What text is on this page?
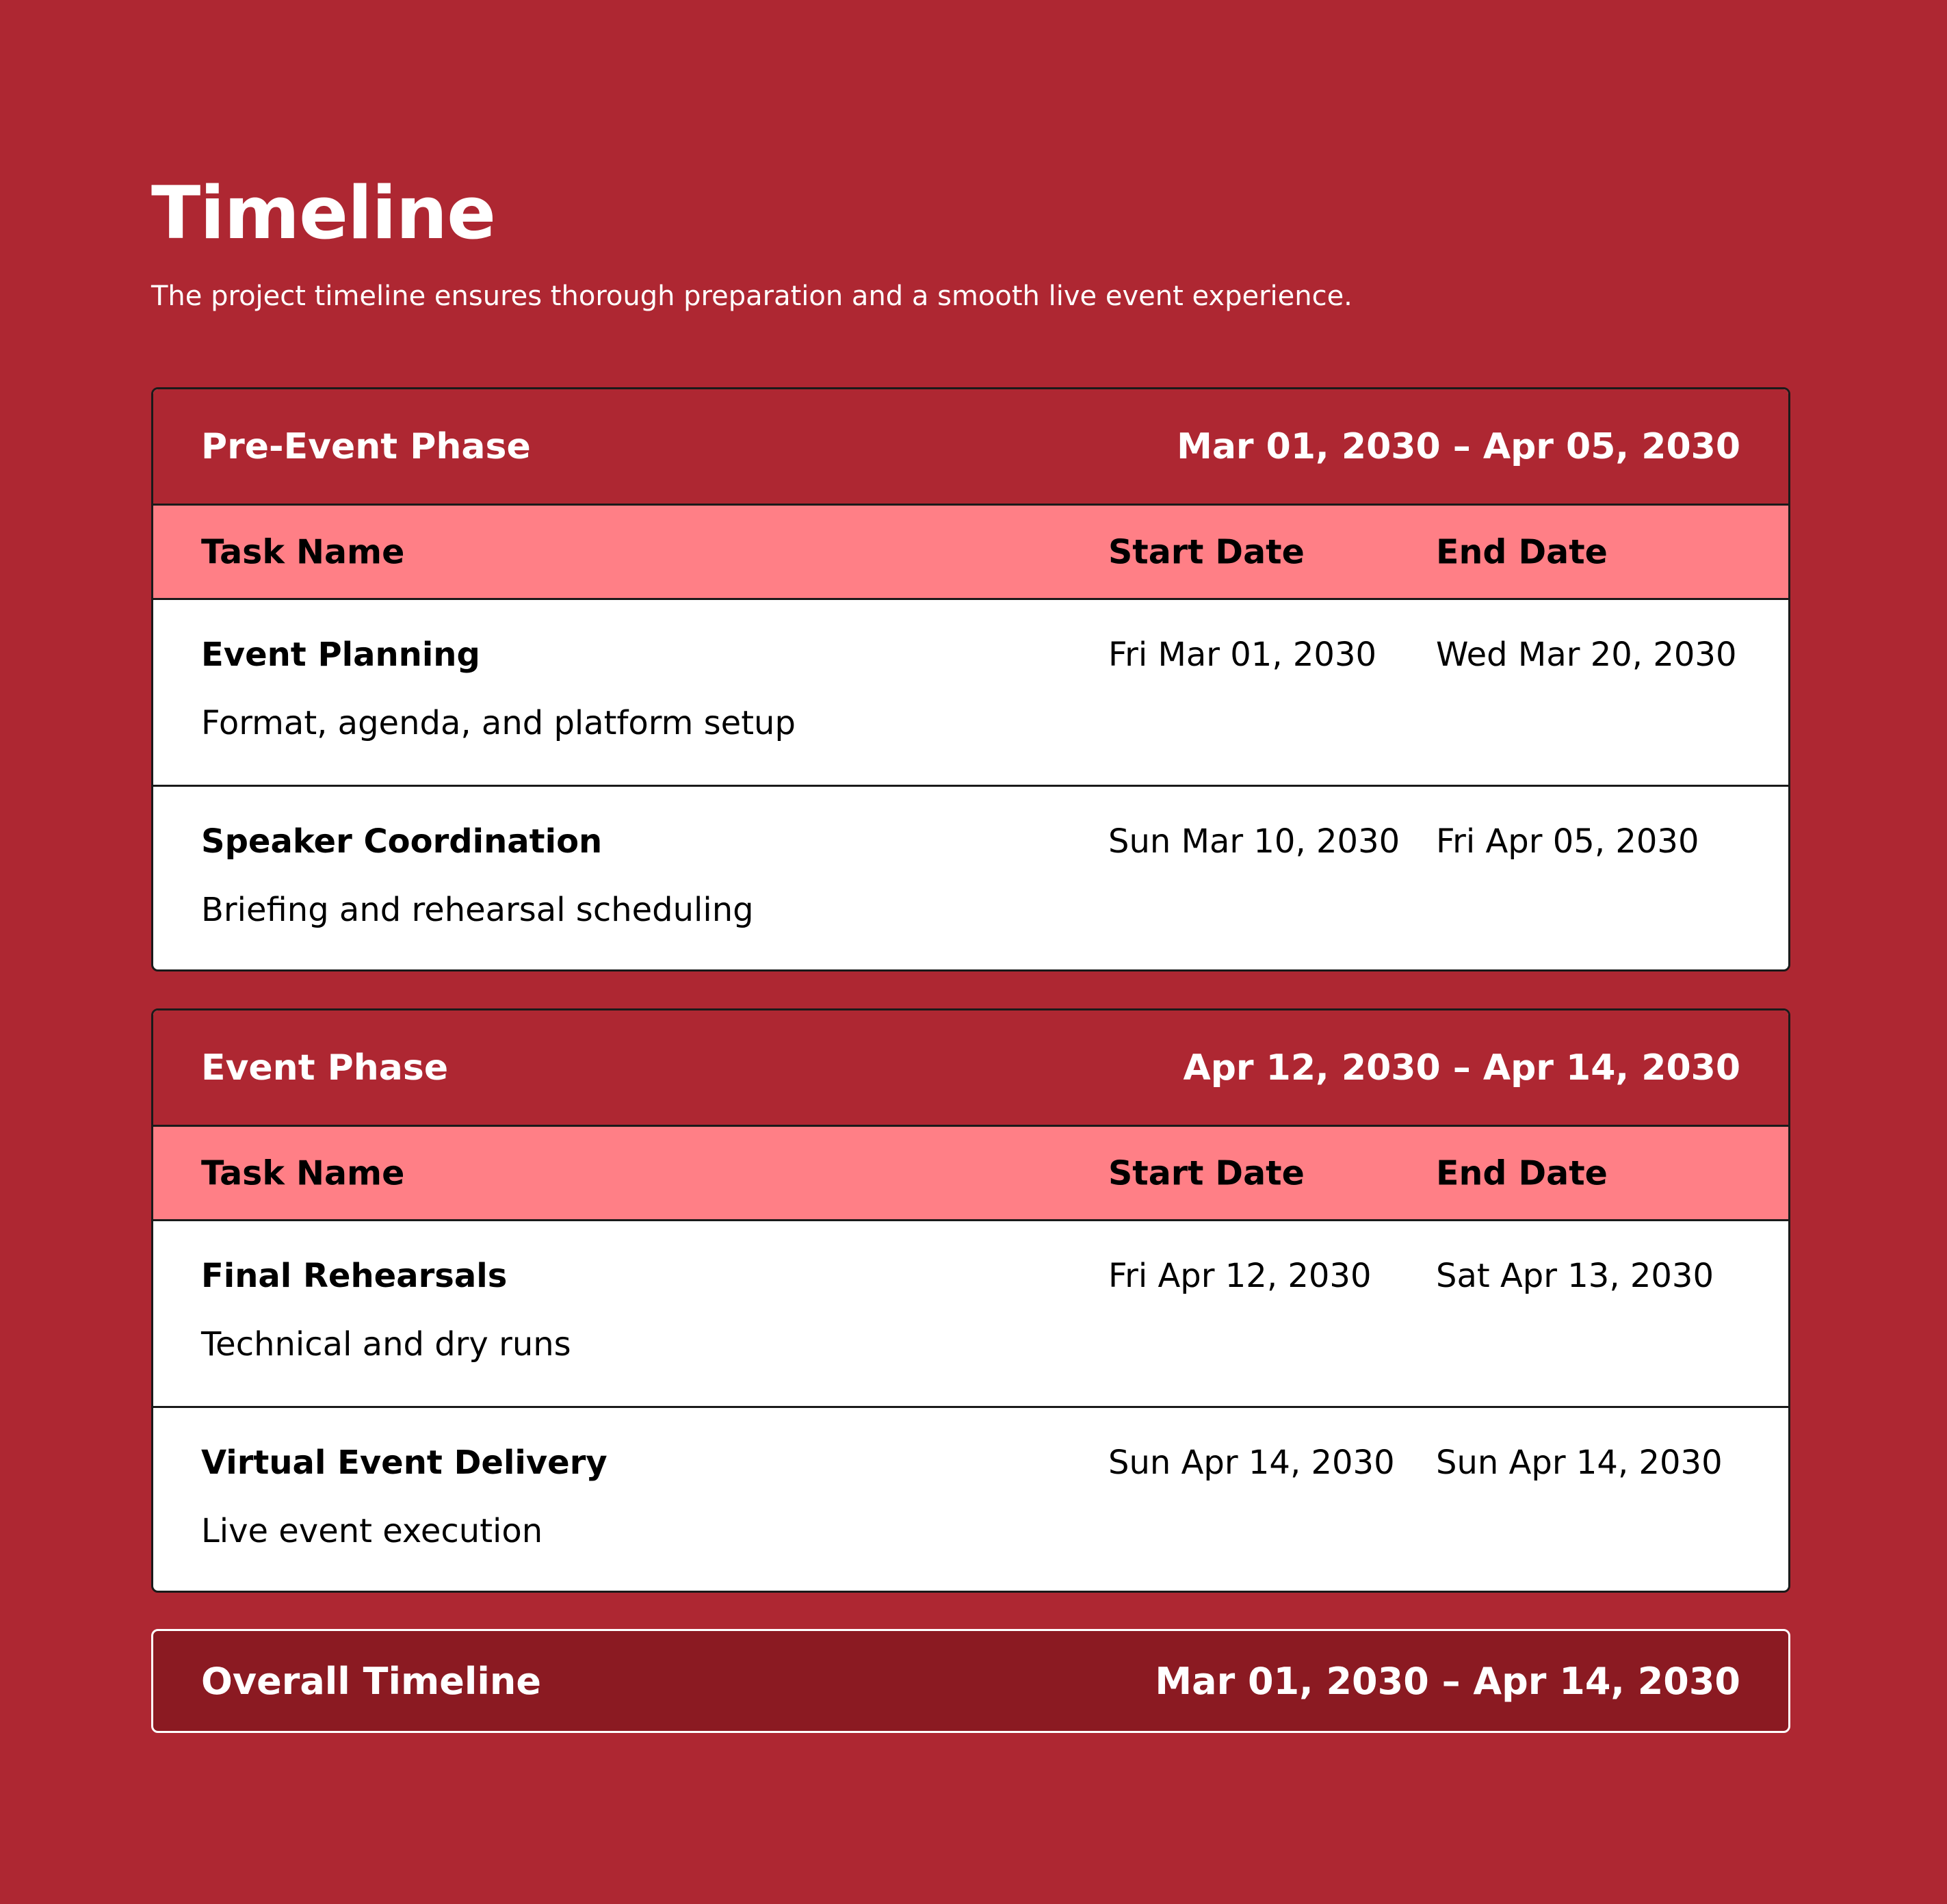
Timeline

The project timeline ensures thorough preparation and a smooth live event experience.

Pre-Event Phase	Mar 01, 2030 – Apr 05, 2030
Task Name	Start Date	End Date
Event Planning
Format, agenda, and platform setup
Fri Mar 01, 2030 Wed Mar 20, 2030
Speaker Coordination
Briefing and rehearsal scheduling
Sun Mar 10, 2030 Fri Apr 05, 2030
Event Phase	Apr 12, 2030 – Apr 14, 2030
Task Name	Start Date	End Date
Final Rehearsals
Technical and dry runs
Fri Apr 12, 2030 Sat Apr 13, 2030
Virtual Event Delivery
Live event execution
Sun Apr 14, 2030 Sun Apr 14, 2030
Overall Timeline	Mar 01, 2030 – Apr 14, 2030
